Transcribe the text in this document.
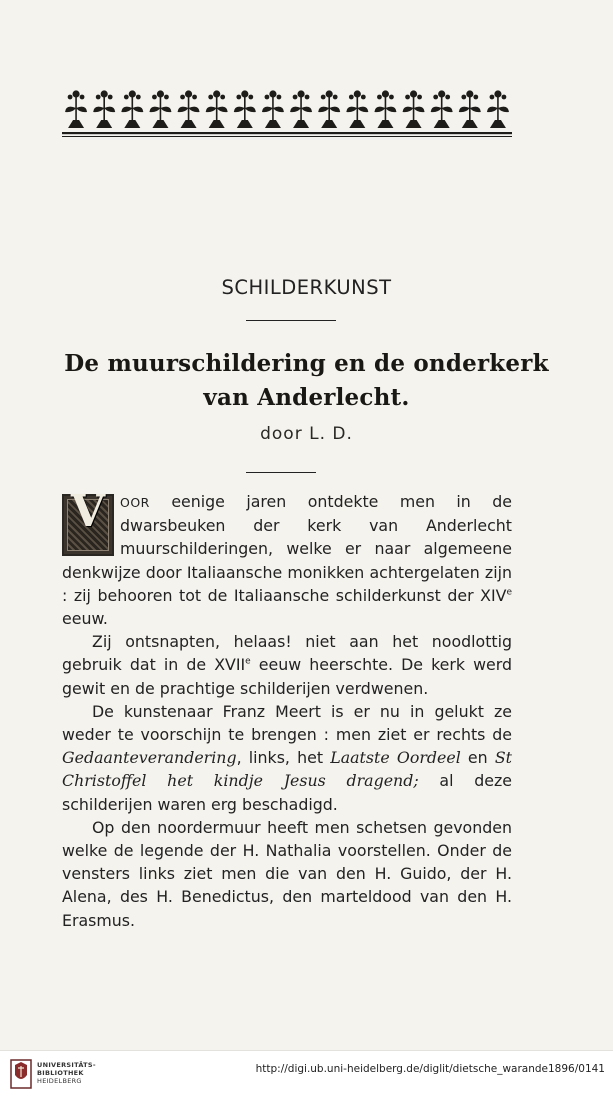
SCHILDERKUNST
De muurschildering en de onderkerk
van Anderlecht.
door L. D.

V	OOR eenige jaren ontdekte men in de dwarsbeuken der kerk van Anderlecht muurschilderingen, welke er naar algemeene denkwijze door Italiaansche monikken achtergelaten zijn : zij behooren tot de Italiaansche schilderkunst der XIVe eeuw.

Zij ontsnapten, helaas! niet aan het noodlottig gebruik dat in de XVIIe eeuw heerschte. De kerk werd gewit en de prachtige schilderijen verdwenen.

De kunstenaar Franz Meert is er nu in gelukt ze weder te voorschijn te brengen : men ziet er rechts de Gedaanteverandering, links, het Laatste Oordeel en St Christoffel het kindje Jesus dragend; al deze schilderijen waren erg beschadigd.

Op den noordermuur heeft men schetsen gevonden welke de legende der H. Nathalia voorstellen. Onder de vensters links ziet men die van den H. Guido, der H. Alena, des H. Benedictus, den marteldood van den H. Erasmus.

UNIVERSITÄTS-
BIBLIOTHEK
HEIDELBERG
http://digi.ub.uni-heidelberg.de/diglit/dietsche_warande1896/0141
